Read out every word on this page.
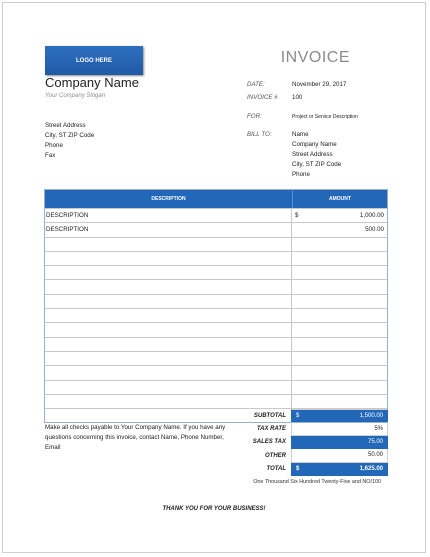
LOGO HERE	INVOICE
Company Name
Your Company Slogan
Street Address
City, ST ZIP Code
Phone
Fax
DATE:	November 29, 2017
INVOICE # 100
FOR:	Project or Service Description
BILL TO:	Name
Company Name
Street Address
City, ST ZIP Code
Phone
DESCRIPTION	AMOUNT
DESCRIPTION	$	1,000.00
DESCRIPTION	500.00
Make all checks payable to Your Company Name. If you have any questions concerning this invoice, contact Name, Phone Number, Email
SUBTOTAL	$	1,500.00
TAX RATE	5%
SALES TAX	75.00
OTHER	50.00
TOTAL	$	1,625.00
One Thousand Six Hundred Twenty-Five and NO/100
THANK YOU FOR YOUR BUSINESS!
